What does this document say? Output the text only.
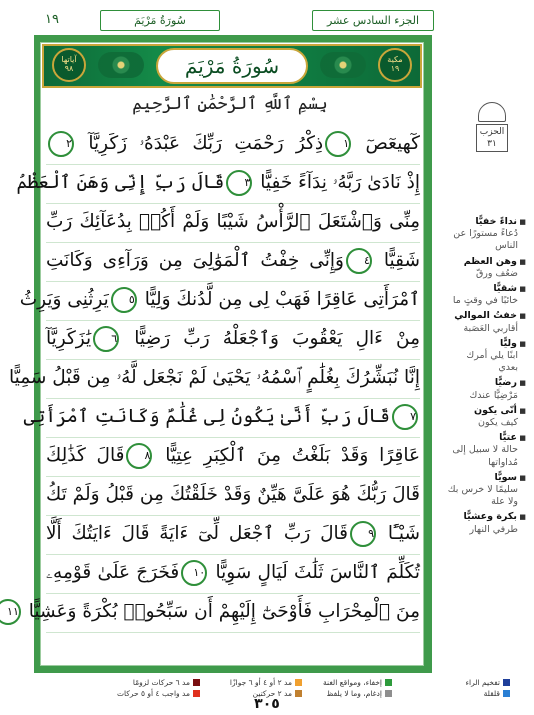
سُورَةُ مَرْيَمَ
١٩	الجزء السادس عشر
آياتها
٩٨	سُورَةُ مَرْيَمَ	مكية
١٩
بِسْمِ ٱللَّهِ ٱلرَّحْمَٰنِ ٱلرَّحِيمِ
كٓهيعٓصٓ ١ذِكْرُ رَحْمَتِ رَبِّكَ عَبْدَهُۥ زَكَرِيَّآ ٢
إِذْ نَادَىٰ رَبَّهُۥ نِدَآءً خَفِيًّا ٣قَالَ رَبِّ إِنِّى وَهَنَ ٱلْعَظْمُ
مِنِّى وَٱشْتَعَلَ ٱلرَّأْسُ شَيْبًا وَلَمْ أَكُنۢ بِدُعَآئِكَ رَبِّ
شَقِيًّا ٤وَإِنِّى خِفْتُ ٱلْمَوَٰلِىَ مِن وَرَآءِى وَكَانَتِ
ٱمْرَأَتِى عَاقِرًا فَهَبْ لِى مِن لَّدُنكَ وَلِيًّا ٥يَرِثُنِى وَيَرِثُ
مِنْ ءَالِ يَعْقُوبَ وَٱجْعَلْهُ رَبِّ رَضِيًّا ٦يَٰزَكَرِيَّآ
إِنَّا نُبَشِّرُكَ بِغُلَٰمٍ ٱسْمُهُۥ يَحْيَىٰ لَمْ نَجْعَل لَّهُۥ مِن قَبْلُ سَمِيًّا
٧قَالَ رَبِّ أَنَّىٰ يَكُونُ لِى غُلَٰمٌ وَكَانَتِ ٱمْرَأَتِى
عَاقِرًا وَقَدْ بَلَغْتُ مِنَ ٱلْكِبَرِ عِتِيًّا ٨قَالَ كَذَٰلِكَ
قَالَ رَبُّكَ هُوَ عَلَىَّ هَيِّنٌ وَقَدْ خَلَقْتُكَ مِن قَبْلُ وَلَمْ تَكُ
شَيْـًٔا ٩قَالَ رَبِّ ٱجْعَل لِّىٓ ءَايَةً قَالَ ءَايَتُكَ أَلَّا
تُكَلِّمَ ٱلنَّاسَ ثَلَٰثَ لَيَالٍ سَوِيًّا ١٠فَخَرَجَ عَلَىٰ قَوْمِهِۦ
مِنَ ٱلْمِحْرَابِ فَأَوْحَىٰٓ إِلَيْهِمْ أَن سَبِّحُوا۟ بُكْرَةً وَعَشِيًّا ١١
الحزب
٣١
■ نداءً خفيًّا
دُعاءً مستورًا عن الناس
■ وهن العظم
ضعُف ورقّ
■ شقيًّا
خائبًا في وقتٍ ما
■ خفتُ الموالي
أقاربي العَصَبة
■ وليًّا
ابنًا يلي أمرك بعدي
■ رضيًّا
مَرْضِيًّا عندك
■ أنّى يكون
كيف يكون
■ عتيًّا
حالة لا سبيل إلى مُداواتها
■ سويًّا
سليمًا لا خرس بك ولا علة
■ بكرة وعشيًّا
طرفي النهار
تفخيم الراء
قلقلة
إخفاء، ومواقع الغنة
إدغام، وما لا يلفظ
مد ٢ أو ٤ أو ٦ جوازًا
مد ٢ حركتين
مد ٦ حركات لزومًا
مد واجب ٤ أو ٥ حركات
٣٠٥
